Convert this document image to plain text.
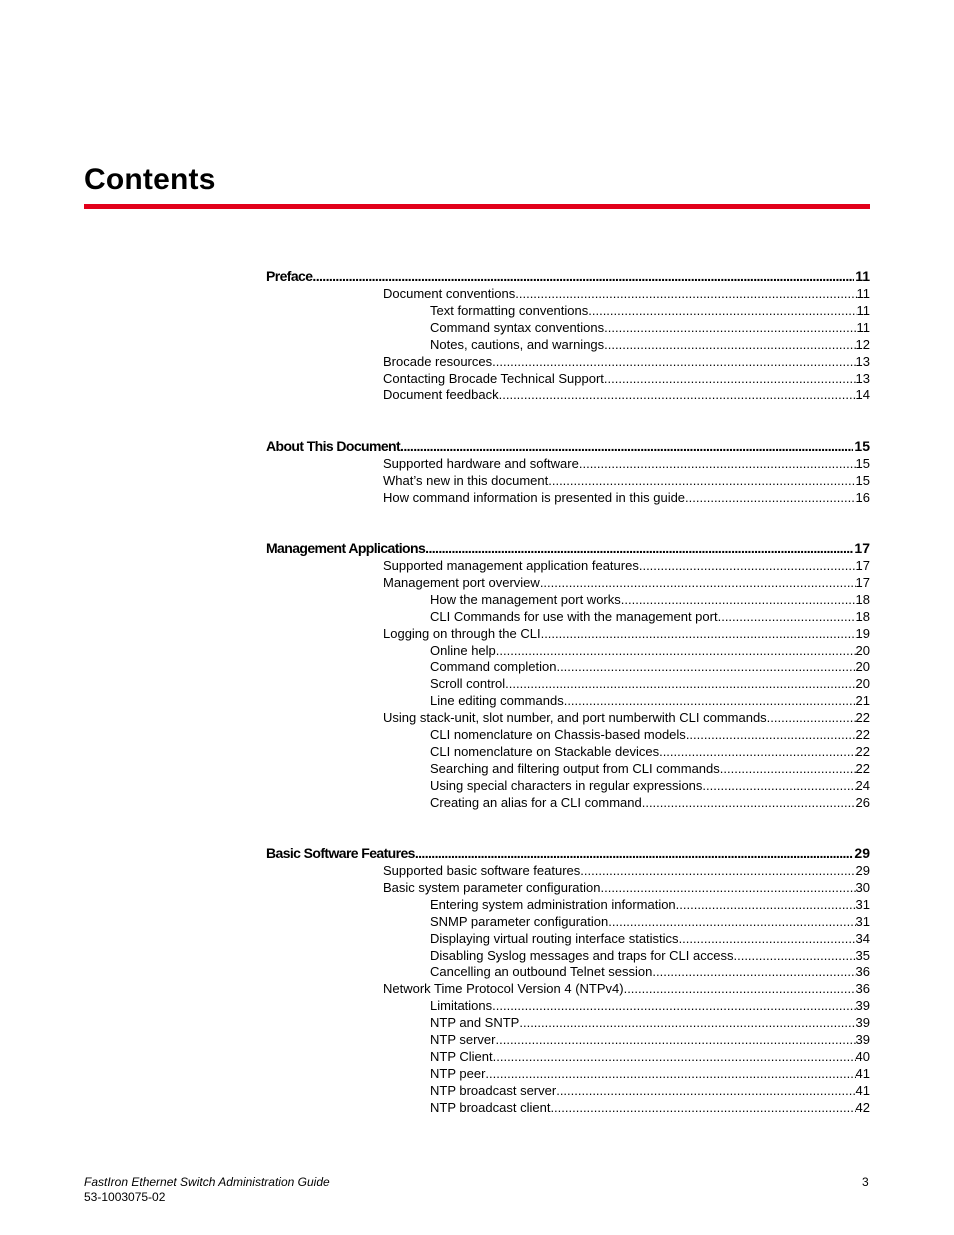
Contents
Preface .....	11
Document conventions .....	11
Text formatting conventions .....	11
Command syntax conventions .....	11
Notes, cautions, and warnings .....	12
Brocade resources .....	13
Contacting Brocade Technical Support .....	13
Document feedback .....	14
About This Document .....	15
Supported hardware and software .....	15
What’s new in this document .....	15
How command information is presented in this guide .....	16
Management Applications .....	17
Supported management application features .....	17
Management port overview .....	17
How the management port works .....	18
CLI Commands for use with the management port .....	18
Logging on through the CLI .....	19
Online help .....	20
Command completion .....	20
Scroll control .....	20
Line editing commands .....	21
Using stack-unit, slot number, and port numberwith CLI commands .....	22
CLI nomenclature on Chassis-based models .....	22
CLI nomenclature on Stackable devices .....	22
Searching and filtering output from CLI commands .....	22
Using special characters in regular expressions .....	24
Creating an alias for a CLI command .....	26
Basic Software Features .....	29
Supported basic software features .....	29
Basic system parameter configuration .....	30
Entering system administration information .....	31
SNMP parameter configuration .....	31
Displaying virtual routing interface statistics .....	34
Disabling Syslog messages and traps for CLI access .....	35
Cancelling an outbound Telnet session .....	36
Network Time Protocol Version 4 (NTPv4) .....	36
Limitations .....	39
NTP and SNTP .....	39
NTP server .....	39
NTP Client .....	40
NTP peer .....	41
NTP broadcast server .....	41
NTP broadcast client .....	42
FastIron Ethernet Switch Administration Guide
53-1003075-02
3
